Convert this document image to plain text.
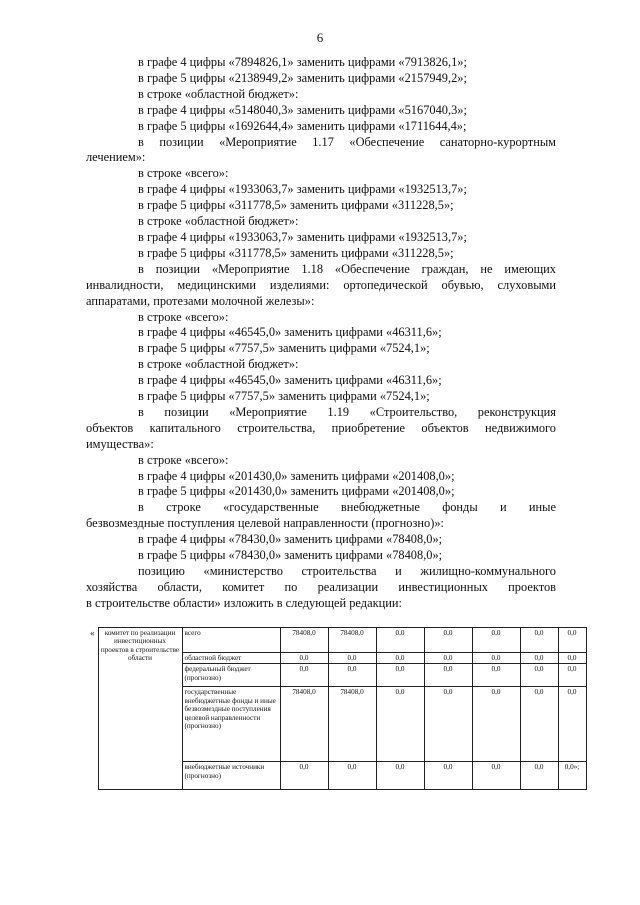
6

в графе 4 цифры «7894826,1» заменить цифрами «7913826,1»;

в графе 5 цифры «2138949,2» заменить цифрами «2157949,2»;

в строке «областной бюджет»:

в графе 4 цифры «5148040,3» заменить цифрами «5167040,3»;

в графе 5 цифры «1692644,4» заменить цифрами «1711644,4»;

в позиции «Мероприятие 1.17 «Обеспечение санаторно-курортным

лечением»:

в строке «всего»:

в графе 4 цифры «1933063,7» заменить цифрами «1932513,7»;

в графе 5 цифры «311778,5» заменить цифрами «311228,5»;

в строке «областной бюджет»:

в графе 4 цифры «1933063,7» заменить цифрами «1932513,7»;

в графе 5 цифры «311778,5» заменить цифрами «311228,5»;

в позиции «Мероприятие 1.18 «Обеспечение граждан, не имеющих

инвалидности, медицинскими изделиями: ортопедической обувью, слуховыми

аппаратами, протезами молочной железы»:

в строке «всего»:

в графе 4 цифры «46545,0» заменить цифрами «46311,6»;

в графе 5 цифры «7757,5» заменить цифрами «7524,1»;

в строке «областной бюджет»:

в графе 4 цифры «46545,0» заменить цифрами «46311,6»;

в графе 5 цифры «7757,5» заменить цифрами «7524,1»;

в позиции «Мероприятие 1.19 «Строительство, реконструкция

объектов капитального строительства, приобретение объектов недвижимого

имущества»:

в строке «всего»:

в графе 4 цифры «201430,0» заменить цифрами «201408,0»;

в графе 5 цифры «201430,0» заменить цифрами «201408,0»;

в строке «государственные внебюджетные фонды и иные

безвозмездные поступления целевой направленности (прогнозно)»:

в графе 4 цифры «78430,0» заменить цифрами «78408,0»;

в графе 5 цифры «78430,0» заменить цифрами «78408,0»;

позицию «министерство строительства и жилищно-коммунального

хозяйства области, комитет по реализации инвестиционных проектов

в строительстве области» изложить в следующей редакции:

«	комитет по реализации инвестиционных проектов в строительстве области	всего	78408,0	78408,0	0,0	0,0	0,0	0,0	0,0
		областной бюджет	0,0	0,0	0,0	0,0	0,0	0,0	0,0
		федеральный бюджет (прогнозно)	0,0	0,0	0,0	0,0	0,0	0,0	0,0
		государственные внебюджетные фонды и иные безвозмездные поступления целевой направленности (прогнозно)	78408,0	78408,0	0,0	0,0	0,0	0,0	0,0
		внебюджетные источники (прогнозно)	0,0	0,0	0,0	0,0	0,0	0,0	0,0»;
